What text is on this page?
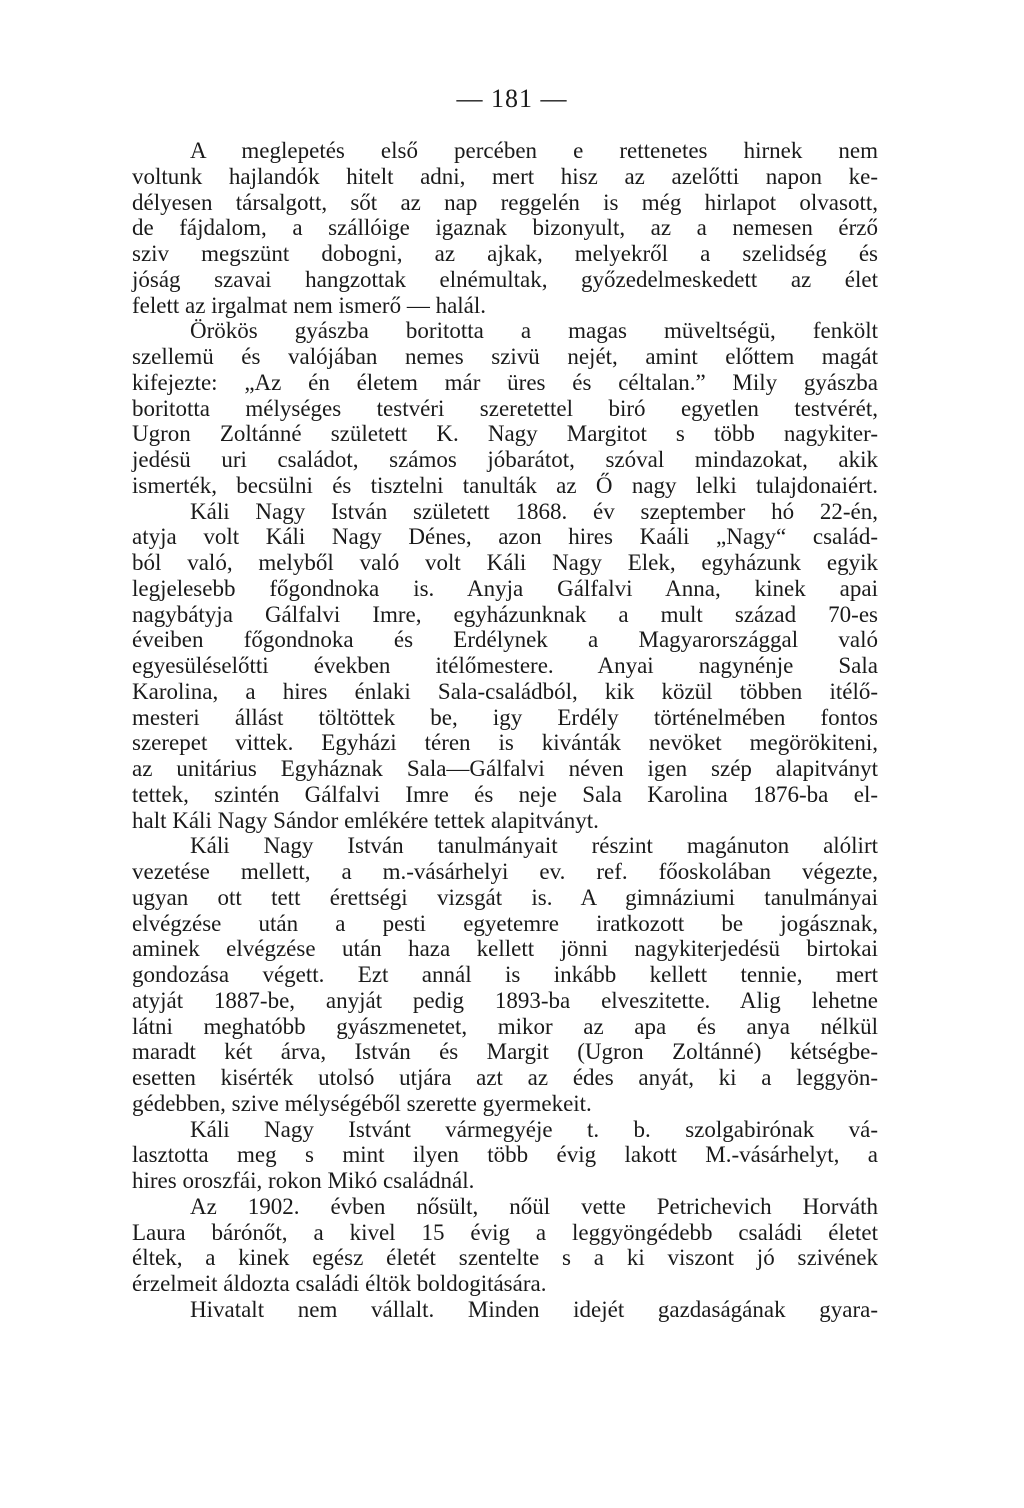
— 181 —
A meglepetés első percében e rettenetes hirnek nem
voltunk hajlandók hitelt adni, mert hisz az azelőtti napon ke-
délyesen társalgott, sőt az nap reggelén is még hirlapot olvasott,
de fájdalom, a szállóige igaznak bizonyult, az a nemesen érző
sziv megszünt dobogni, az ajkak, melyekről a szelidség és
jóság szavai hangzottak elnémultak, győzedelmeskedett az élet
felett az irgalmat nem ismerő — halál.
Örökös gyászba boritotta a magas müveltségü, fenkölt
szellemü és valójában nemes szivü nejét, amint előttem magát
kifejezte: „Az én életem már üres és céltalan.” Mily gyászba
boritotta mélységes testvéri szeretettel biró egyetlen testvérét,
Ugron Zoltánné született K. Nagy Margitot s több nagykiter-
jedésü uri családot, számos jóbarátot, szóval mindazokat, akik
ismerték, becsülni és tisztelni tanulták az Ő nagy lelki tulajdonaiért.
Káli Nagy István született 1868. év szeptember hó 22-én,
atyja volt Káli Nagy Dénes, azon hires Kaáli „Nagy“ család-
ból való, melyből való volt Káli Nagy Elek, egyházunk egyik
legjelesebb főgondnoka is. Anyja Gálfalvi Anna, kinek apai
nagybátyja Gálfalvi Imre, egyházunknak a mult század 70-es
éveiben főgondnoka és Erdélynek a Magyarországgal való
egyesüléselőtti években itélőmestere. Anyai nagynénje Sala
Karolina, a hires énlaki Sala-családból, kik közül többen itélő-
mesteri állást töltöttek be, igy Erdély történelmében fontos
szerepet vittek. Egyházi téren is kivánták nevöket megörökiteni,
az unitárius Egyháznak Sala—Gálfalvi néven igen szép alapitványt
tettek, szintén Gálfalvi Imre és neje Sala Karolina 1876-ba el-
halt Káli Nagy Sándor emlékére tettek alapitványt.
Káli Nagy István tanulmányait részint magánuton alólirt
vezetése mellett, a m.-vásárhelyi ev. ref. főoskolában végezte,
ugyan ott tett érettségi vizsgát is. A gimnáziumi tanulmányai
elvégzése után a pesti egyetemre iratkozott be jogásznak,
aminek elvégzése után haza kellett jönni nagykiterjedésü birtokai
gondozása végett. Ezt annál is inkább kellett tennie, mert
atyját 1887-be, anyját pedig 1893-ba elveszitette. Alig lehetne
látni meghatóbb gyászmenetet, mikor az apa és anya nélkül
maradt két árva, István és Margit (Ugron Zoltánné) kétségbe-
esetten kisérték utolsó utjára azt az édes anyát, ki a leggyön-
gédebben, szive mélységéből szerette gyermekeit.
Káli Nagy Istvánt vármegyéje t. b. szolgabirónak vá-
lasztotta meg s mint ilyen több évig lakott M.-vásárhelyt, a
hires oroszfái, rokon Mikó családnál.
Az 1902. évben nősült, nőül vette Petrichevich Horváth
Laura bárónőt, a kivel 15 évig a leggyöngédebb családi életet
éltek, a kinek egész életét szentelte s a ki viszont jó szivének
érzelmeit áldozta családi éltök boldogitására.
Hivatalt nem vállalt. Minden idejét gazdaságának gyara-
